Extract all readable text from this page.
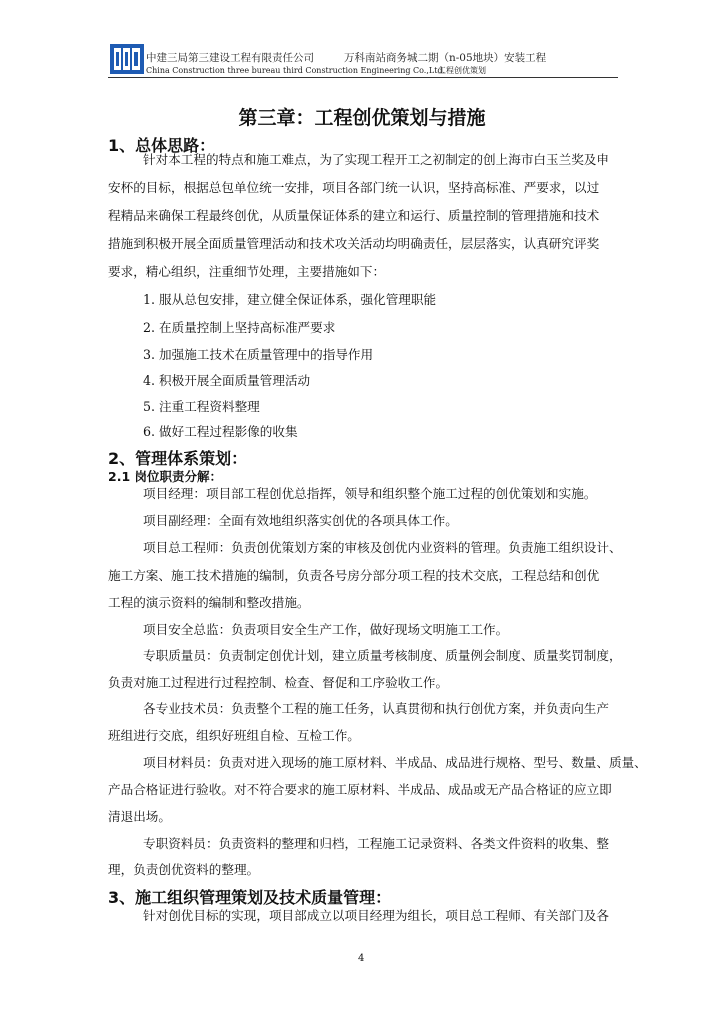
中建三局第三建设工程有限责任公司	万科南站商务城二期（n-05地块）安装工程
China Construction three bureau third Construction Engineering Co.,Ltd.
工程创优策划
第三章：工程创优策划与措施
1、总体思路：
针对本工程的特点和施工难点，为了实现工程开工之初制定的创上海市白玉兰奖及申
安杯的目标，根据总包单位统一安排，项目各部门统一认识，坚持高标准、严要求，以过
程精品来确保工程最终创优，从质量保证体系的建立和运行、质量控制的管理措施和技术
措施到积极开展全面质量管理活动和技术攻关活动均明确责任，层层落实，认真研究评奖
要求，精心组织，注重细节处理，主要措施如下：
1. 服从总包安排，建立健全保证体系，强化管理职能
2. 在质量控制上坚持高标准严要求
3. 加强施工技术在质量管理中的指导作用
4. 积极开展全面质量管理活动
5. 注重工程资料整理
6. 做好工程过程影像的收集
2、管理体系策划：
2.1 岗位职责分解：
项目经理：项目部工程创优总指挥，领导和组织整个施工过程的创优策划和实施。
项目副经理：全面有效地组织落实创优的各项具体工作。
项目总工程师：负责创优策划方案的审核及创优内业资料的管理。负责施工组织设计、
施工方案、施工技术措施的编制，负责各号房分部分项工程的技术交底，工程总结和创优
工程的演示资料的编制和整改措施。
项目安全总监：负责项目安全生产工作，做好现场文明施工工作。
专职质量员：负责制定创优计划，建立质量考核制度、质量例会制度、质量奖罚制度，
负责对施工过程进行过程控制、检查、督促和工序验收工作。
各专业技术员：负责整个工程的施工任务，认真贯彻和执行创优方案，并负责向生产
班组进行交底，组织好班组自检、互检工作。
项目材料员：负责对进入现场的施工原材料、半成品、成品进行规格、型号、数量、质量、
产品合格证进行验收。对不符合要求的施工原材料、半成品、成品或无产品合格证的应立即
清退出场。
专职资料员：负责资料的整理和归档，工程施工记录资料、各类文件资料的收集、整
理，负责创优资料的整理。
3、施工组织管理策划及技术质量管理：
针对创优目标的实现，项目部成立以项目经理为组长，项目总工程师、有关部门及各
4
